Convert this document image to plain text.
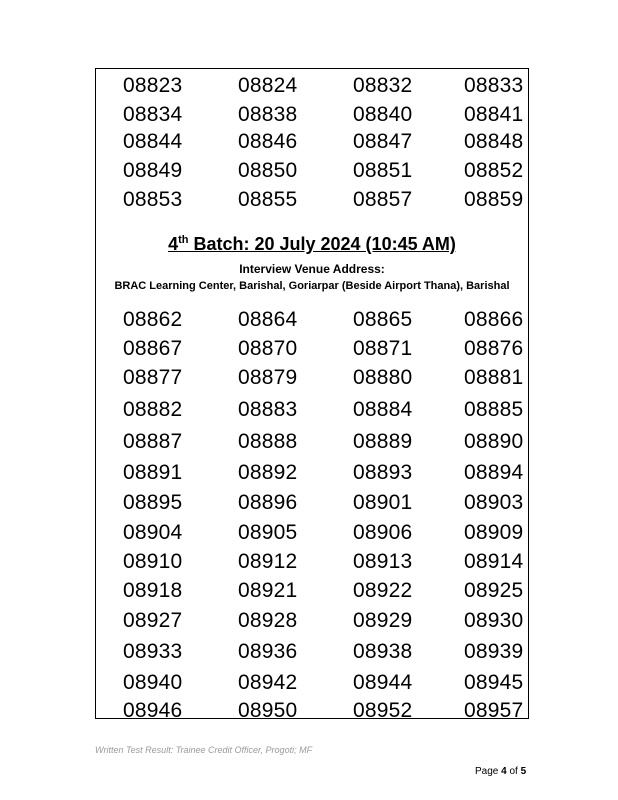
08823	08824	08832 08833
08834	08838	08840 08841
08844	08846	08847 08848
08849	08850	08851 08852
08853	08855	08857 08859
4th Batch: 20 July 2024 (10:45 AM)
Interview Venue Address:
BRAC Learning Center, Barishal, Goriarpar (Beside Airport Thana), Barishal
08862	08864	08865 08866
08867	08870	08871 08876
08877	08879	08880 08881
08882	08883	08884 08885
08887	08888	08889 08890
08891	08892	08893 08894
08895	08896	08901 08903
08904	08905	08906 08909
08910	08912	08913 08914
08918	08921	08922 08925
08927	08928	08929 08930
08933	08936	08938 08939
08940	08942	08944 08945
08946	08950	08952 08957
Written Test Result: Trainee Credit Officer, Progoti; MF
Page 4 of 5
